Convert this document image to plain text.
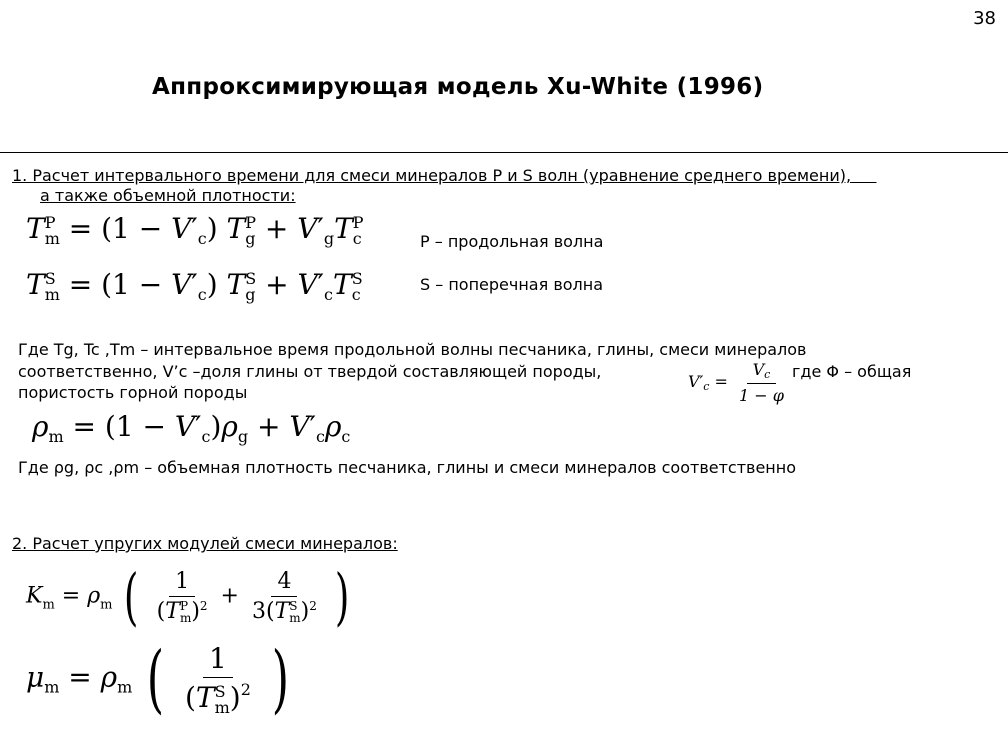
38
Аппроксимирующая модель Xu-White (1996)
1. Расчет интервального времени для смеси минералов P и S волн (уравнение среднего времени),
а также объемной плотности:
T P
$m = (1 - V'_c)$ T P
$g + V'_gT$ P
c	P – продольная волна
T S
$m = (1 - V'_c)$ T S
$g + V'_cT$ S
c	S – поперечная волна
Где Tg, Tc ,Tm – интервальное время продольной волны песчаника, глины, смеси минералов
соответственно, V’c –доля глины от твердой составляющей породы,
$V'c = \frac{Vc}{1 - \varphi}$ где Φ – общая
пористость горной породы
$\rho_m = (1 - V'_c)\rho_g + V'_c\rho_c$
Где ρg, ρc ,ρm – объемная плотность песчаника, глины и смеси минералов соответственно
2. Расчет упругих модулей смеси минералов:
$K_m = \rho_m$ ( 1
(T P
m )$^2$ + 4
3(T S
m )$^2$ )
$\mu_m = \rho_m$ ( 1
(T S
m )$^2$ )
